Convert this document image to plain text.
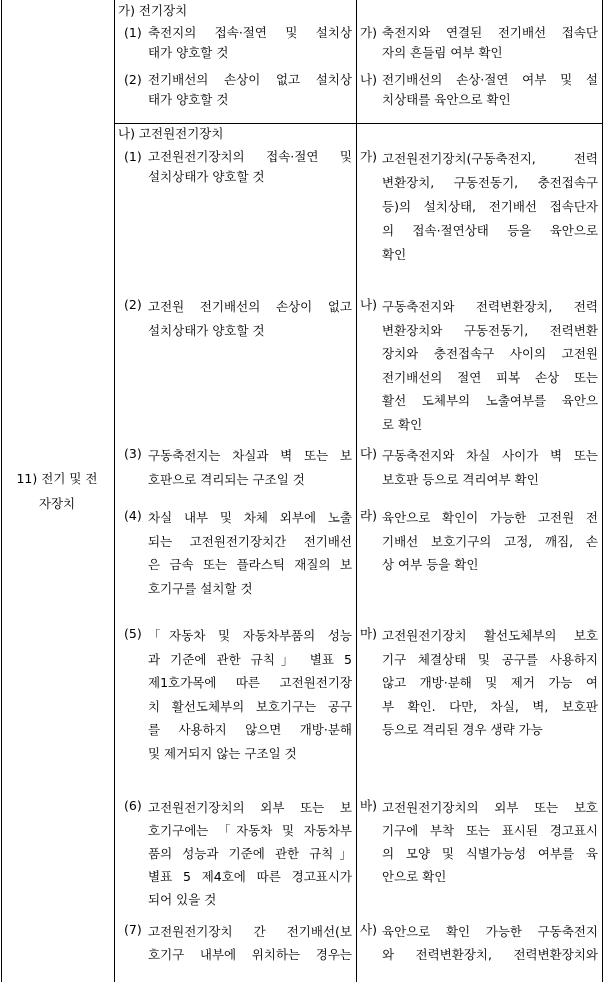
11) 전기 및 전
자장치
가) 전기장치
(1) 축전지의 접속·절연 및 설치상
태가 양호할 것
가) 축전지와 연결된 전기배선 접속단
자의 흔들림 여부 확인
(2) 전기배선의 손상이 없고 설치상
태가 양호할 것
나) 전기배선의 손상·절연 여부 및 설
치상태를 육안으로 확인
나) 고전원전기장치
(1) 고전원전기장치의 접속·절연 및
설치상태가 양호할 것
가) 고전원전기장치(구동축전지, 전력
변환장치, 구동전동기, 충전접속구
등)의 설치상태, 전기배선 접속단자
의 접속·절연상태 등을 육안으로
확인
(2) 고전원 전기배선의 손상이 없고
설치상태가 양호할 것
나) 구동축전지와 전력변환장치, 전력
변환장치와 구동전동기, 전력변환
장치와 충전접속구 사이의 고전원
전기배선의 절연 피복 손상 또는
활선 도체부의 노출여부를 육안으
로 확인
(3) 구동축전지는 차실과 벽 또는 보
호판으로 격리되는 구조일 것
다) 구동축전지와 차실 사이가 벽 또는
보호판 등으로 격리여부 확인
(4) 차실 내부 및 차체 외부에 노출
되는 고전원전기장치간 전기배선
은 금속 또는 플라스틱 재질의 보
호기구를 설치할 것
라) 육안으로 확인이 가능한 고전원 전
기배선 보호기구의 고정, 깨짐, 손
상 여부 등을 확인
(5) 「자동차 및 자동차부품의 성능
과 기준에 관한 규칙」 별표 5
제1호가목에 따른 고전원전기장
치 활선도체부의 보호기구는 공구
를 사용하지 않으면 개방·분해
및 제거되지 않는 구조일 것
마) 고전원전기장치 활선도체부의 보호
기구 체결상태 및 공구를 사용하지
않고 개방·분해 및 제거 가능 여
부 확인. 다만, 차실, 벽, 보호판
등으로 격리된 경우 생략 가능
(6) 고전원전기장치의 외부 또는 보
호기구에는 「자동차 및 자동차부
품의 성능과 기준에 관한 규칙」
별표 5 제4호에 따른 경고표시가
되어 있을 것
바) 고전원전기장치의 외부 또는 보호
기구에 부착 또는 표시된 경고표시
의 모양 및 식별가능성 여부를 육
안으로 확인
(7) 고전원전기장치 간 전기배선(보
호기구 내부에 위치하는 경우는
사) 육안으로 확인 가능한 구동축전지
와 전력변환장치, 전력변환장치와
